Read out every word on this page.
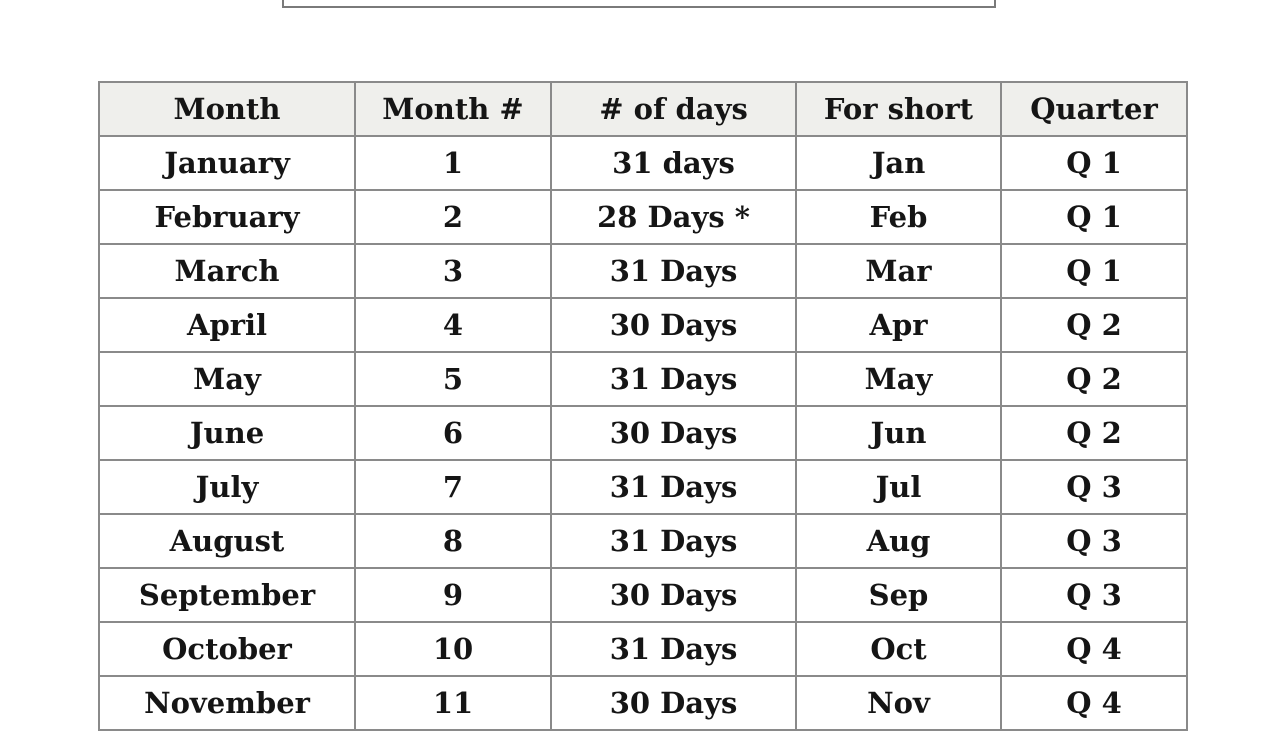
Month	Month #	# of days	For short	Quarter
January	1	31 days	Jan	Q 1
February	2	28 Days *	Feb	Q 1
March	3	31 Days	Mar	Q 1
April	4	30 Days	Apr	Q 2
May	5	31 Days	May	Q 2
June	6	30 Days	Jun	Q 2
July	7	31 Days	Jul	Q 3
August	8	31 Days	Aug	Q 3
September	9	30 Days	Sep	Q 3
October	10	31 Days	Oct	Q 4
November	11	30 Days	Nov	Q 4
